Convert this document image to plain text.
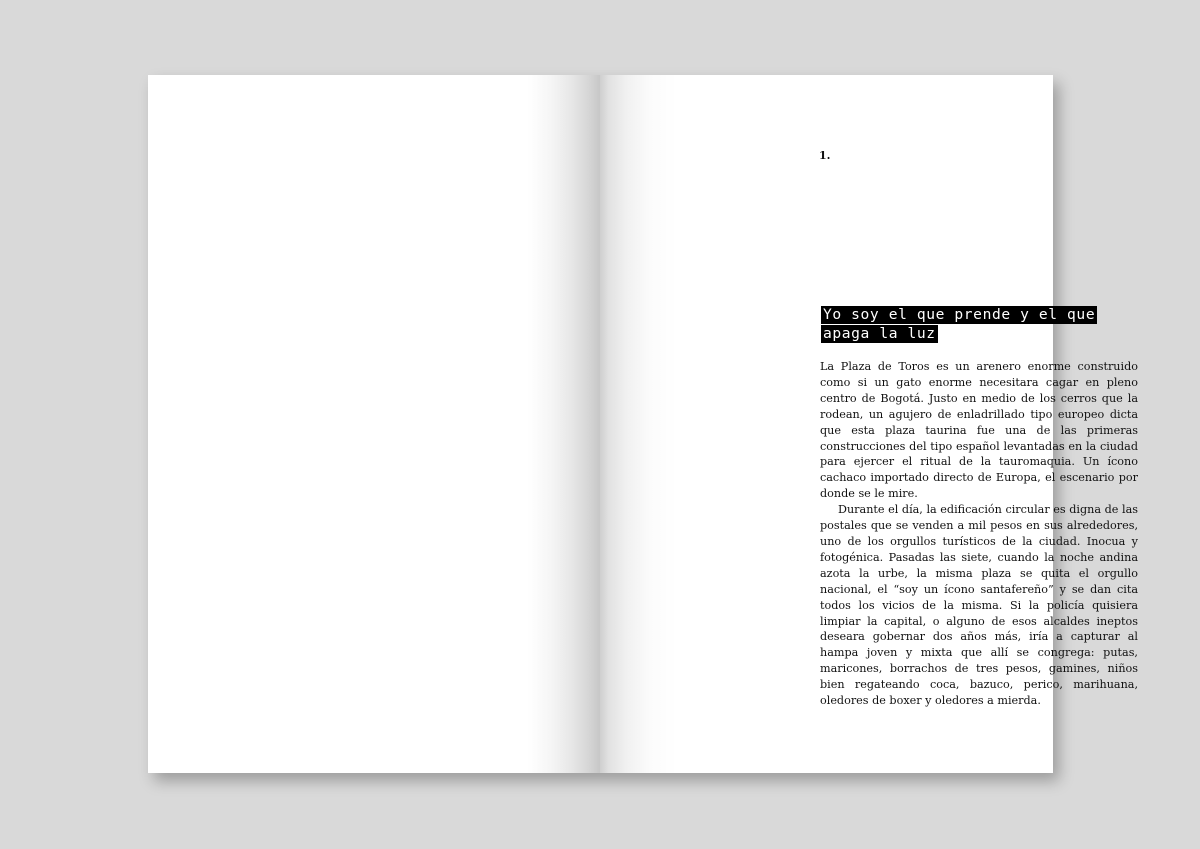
1.
Yo soy el que prende y el que
apaga la luz

La Plaza de Toros es un arenero enorme construido como si un gato enorme necesitara cagar en pleno centro de Bogotá. Justo en medio de los cerros que la rodean, un agujero de enladrillado tipo europeo dicta que esta plaza taurina fue una de las primeras construcciones del tipo español levantadas en la ciudad para ejercer el ritual de la tauromaquia. Un ícono cachaco importado directo de Europa, el escenario por donde se le mire.

Durante el día, la edificación circular es digna de las postales que se venden a mil pesos en sus alrededores, uno de los orgullos turísticos de la ciudad. Inocua y fotogénica. Pasadas las siete, cuando la noche andina azota la urbe, la misma plaza se quita el orgullo nacional, el “soy un ícono santafereño” y se dan cita todos los vicios de la misma. Si la policía quisiera limpiar la capital, o alguno de esos alcaldes ineptos deseara gobernar dos años más, iría a capturar al hampa joven y mixta que allí se congrega: putas, maricones, borrachos de tres pesos, gamines, niños bien regateando coca, bazuco, perico, marihuana, oledores de boxer y oledores a mierda.
